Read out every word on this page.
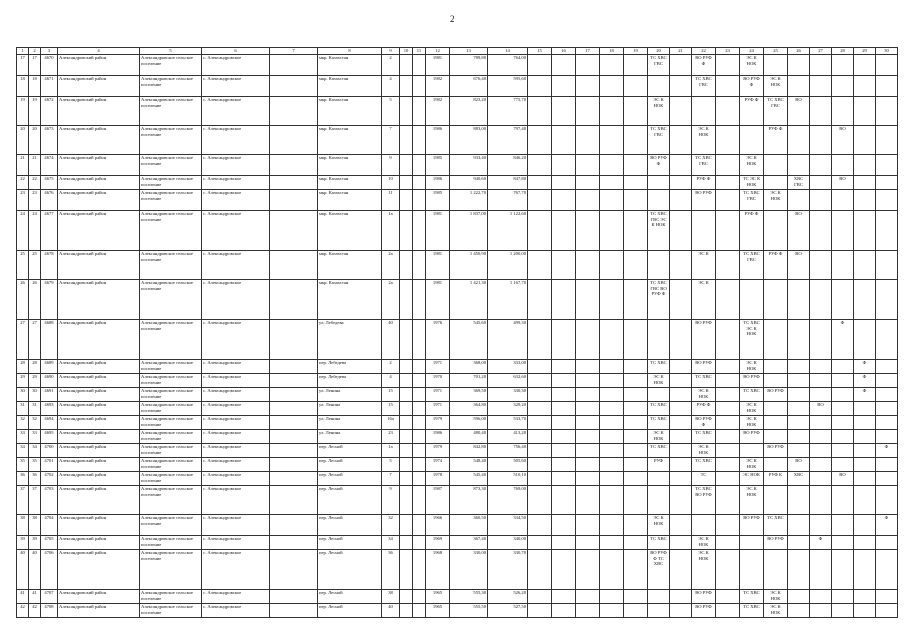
2
1	2	3	4	5	6	7	8	9	10	11	12	13	14	15	16	17	18	19	20	21	22	23	24	25	26	27	28	29	30
17	17	4670	Александровский район	Александровское сельское поселение	с. Александровское		мкр. Казахстан	2			1981	789,80	764,00						ТС ХВС ГВС		ВО РУФ Ф		ЭС К НОК						
18	18	4671	Александровский район	Александровское сельское поселение	с. Александровское		мкр. Казахстан	4			1982	676,40	595,60								ТС ХВС ГВС		ВО РУФ Ф	ЭС К НОК					
19	19	4672	Александровский район	Александровское сельское поселение	с. Александровское		мкр. Казахстан	5			1982	823,20	775,70						ЭС К НОК				РУФ Ф	ТС ХВС ГВС	ВО				
20	20	4673	Александровский район	Александровское сельское поселение	с. Александровское		мкр. Казахстан	7			1986	883,00	797,40						ТС ХВС ГВС		ЭС К НОК			РУФ Ф			ВО		
21	21	4674	Александровский район	Александровское сельское поселение	с. Александровское		мкр. Казахстан	9			1985	933,40	846,20						ВО РУФ Ф		ТС ХВС ГВС		ЭС К НОК						
22	22	4675	Александровский район	Александровское сельское поселение	с. Александровское		мкр. Казахстан	10			1986	940,60	847,80								РУФ Ф		ТС ЭС К НОК		ХВС ГВС		ВО		
23	23	4676	Александровский район	Александровское сельское поселение	с. Александровское		мкр. Казахстан	11			1985	1 222,70	767,70								ВО РУФ		ТС ХВС ГВС	ЭС К НОК					
24	24	4677	Александровский район	Александровское сельское поселение	с. Александровское		мкр. Казахстан	1а			1981	1 837,00	1 122,60						ТС ХВС ГВС ЭС К НОК				РУФ Ф		ВО				
25	25	4678	Александровский район	Александровское сельское поселение	с. Александровское		мкр. Казахстан	2а			1981	1 450,90	1 200,00								ЭС К		ТС ХВС ГВС	РУФ Ф	ВО				
26	26	4679	Александровский район	Александровское сельское поселение	с. Александровское		мкр. Казахстан	2а			1981	1 421,30	1 167,70						ТС ХВС ГВС ВО РУФ Ф		ЭС К								
27	27	4688	Александровский район	Александровское сельское поселение	с. Александровское		ул. Лебедева	40			1976	545,60	499,30								ВО РУФ		ТС ХВС ЭС К НОК				Ф		
28	28	4689	Александровский район	Александровское сельское поселение	с. Александровское		пер. Лебедева	2			1971	368,00	333,00						ТС ХВС		ВО РУФ		ЭС К НОК					Ф	
29	29	4690	Александровский район	Александровское сельское поселение	с. Александровское		пер. Лебедева	4			1970	701,20	632,60						ЭС К НОК		ТС ХВС		ВО РУФ					Ф	
30	30	4691	Александровский район	Александровское сельское поселение	с. Александровское		ул. Ленина	15			1971	369,50	330,30								ЭС К НОК		ТС ХВС	ВО РУФ				Ф	
31	31	4693	Александровский район	Александровское сельское поселение	с. Александровское		ул. Ленина	15			1971	364,80	329,20						ТС ХВС		РУФ Ф		ЭС К НОК			ВО			
32	32	4694	Александровский район	Александровское сельское поселение	с. Александровское		ул. Ленина	16а			1979	596,00	533,70						ТС ХВС		ВО РУФ Ф		ЭС К НОК						
33	33	4695	Александровский район	Александровское сельское поселение	с. Александровское		ул. Ленина	23			1986	480,40	413,20						ЭС К НОК		ТС ХВС		ВО РУФ						
34	34	4700	Александровский район	Александровское сельское поселение	с. Александровское		пер. Лесной	1а			1979	842,80	756,40						ТС ХВС		ЭС К НОК			ВО РУФ					Ф
35	35	4701	Александровский район	Александровское сельское поселение	с. Александровское		пер. Лесной	5			1974	548,40	505,60						РУФ		ТС ХВС		ЭС К НОК		ВО				
36	36	4702	Александровский район	Александровское сельское поселение	с. Александровское		пер. Лесной	7			1978	545,40	510,10								ТС		ЭС НОК	РУФ К	ХВС		ВО		
37	37	4703	Александровский район	Александровское сельское поселение	с. Александровское		пер. Лесной	9			1987	873,30	769,00								ТС ХВС ВО РУФ		ЭС К НОК						
38	38	4704	Александровский район	Александровское сельское поселение	с. Александровское		пер. Лесной	32			1966	360,50	334,50						ЭС К НОК				ВО РУФ	ТС ХВС					Ф
39	39	4705	Александровский район	Александровское сельское поселение	с. Александровское		пер. Лесной	34			1969	367,40	340,00						ТС ХВС		ЭС К НОК			ВО РУФ		Ф			
40	40	4706	Александровский район	Александровское сельское поселение	с. Александровское		пер. Лесной	36			1968	330,00	330,70						ВО РУФ Ф ТС ХВС		ЭС К НОК								
41	41	4707	Александровский район	Александровское сельское поселение	с. Александровское		пер. Лесной	38			1965	555,30	526,20								ВО РУФ		ТС ХВС	ЭС К НОК					
42	42	4708	Александровский район	Александровское сельское поселение	с. Александровское		пер. Лесной	40			1965	555,50	527,50								ВО РУФ		ТС ХВС	ЭС К НОК					
